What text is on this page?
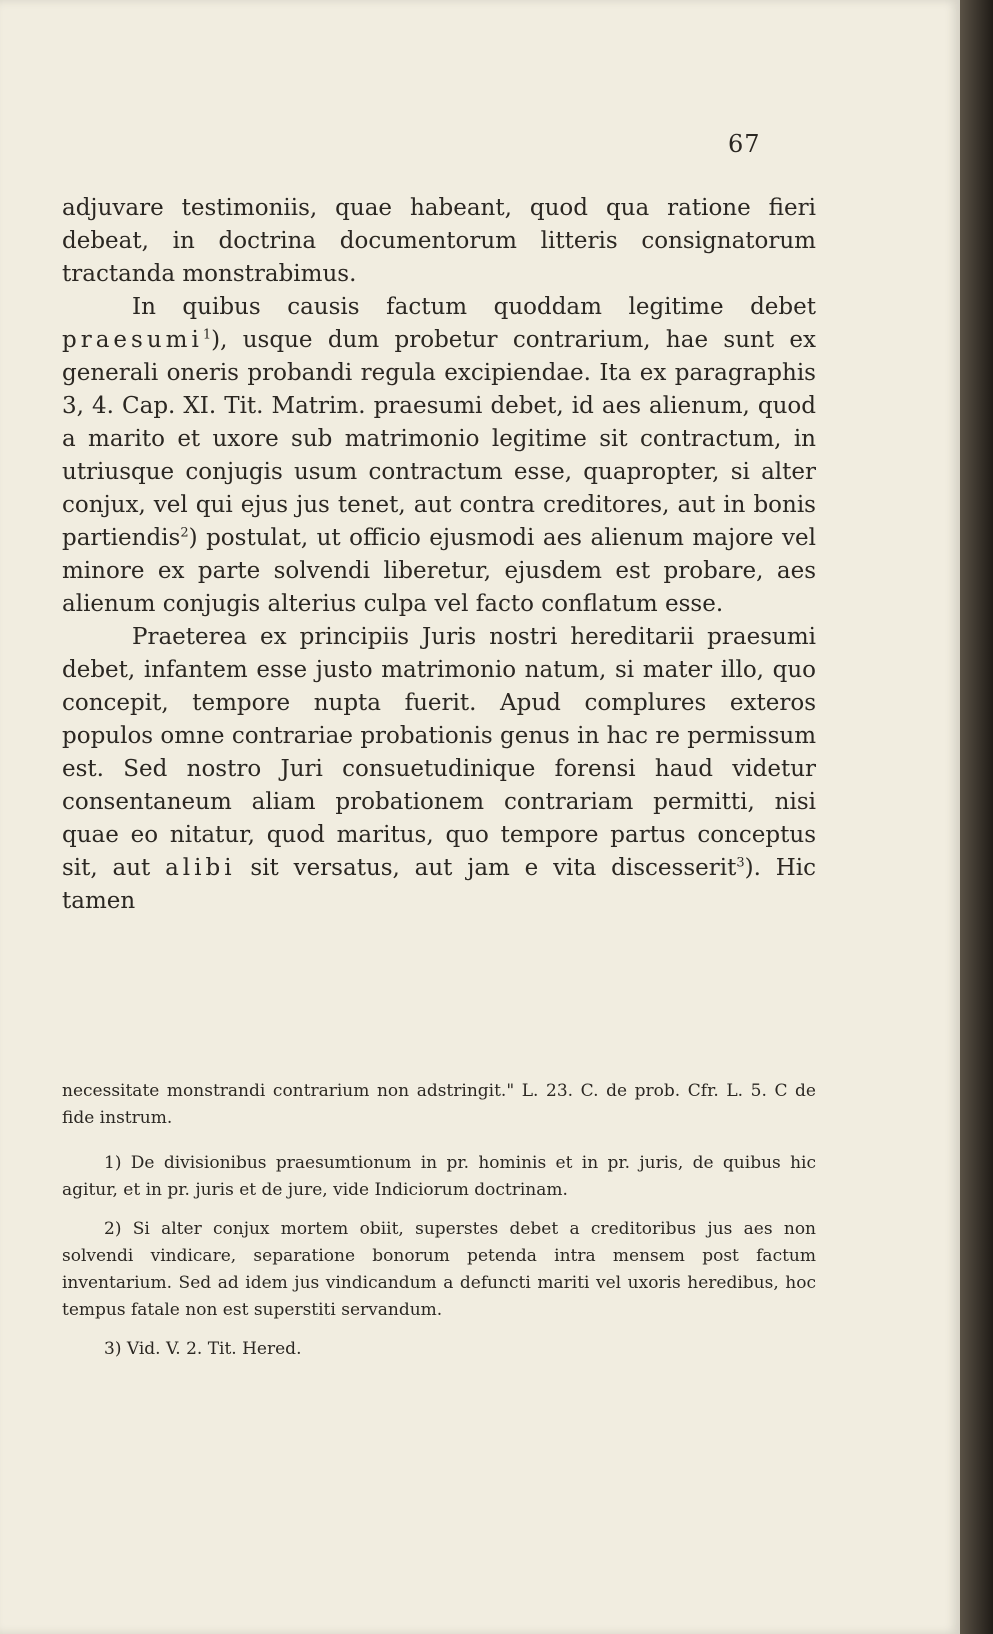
67

adjuvare testimoniis, quae habeant, quod qua ratione fieri debeat, in doctrina documentorum litteris consignatorum tractanda monstrabimus.

In quibus causis factum quoddam legitime debet praesumi$^1$), usque dum probetur contrarium, hae sunt ex generali oneris probandi regula excipiendae. Ita ex paragraphis 3, 4. Cap. XI. Tit. Matrim. praesumi debet, id aes alienum, quod a marito et uxore sub matrimonio legitime sit contractum, in utriusque conjugis usum contractum esse, quapropter, si alter conjux, vel qui ejus jus tenet, aut contra creditores, aut in bonis partiendis$^2$) postulat, ut officio ejusmodi aes alienum majore vel minore ex parte solvendi liberetur, ejusdem est probare, aes alienum conjugis alterius culpa vel facto conflatum esse.

Praeterea ex principiis Juris nostri hereditarii praesumi debet, infantem esse justo matrimonio natum, si mater illo, quo concepit, tempore nupta fuerit. Apud complures exteros populos omne contrariae probationis genus in hac re permissum est. Sed nostro Juri consuetudinique forensi haud videtur consentaneum aliam probationem contrariam permitti, nisi quae eo nitatur, quod maritus, quo tempore partus conceptus sit, aut alibi sit versatus, aut jam e vita discesserit$^3$). Hic tamen

necessitate monstrandi contrarium non adstringit." L. 23. C. de prob. Cfr. L. 5. C de fide instrum.

1) De divisionibus praesumtionum in pr. hominis et in pr. juris, de quibus hic agitur, et in pr. juris et de jure, vide Indiciorum doctrinam.

2) Si alter conjux mortem obiit, superstes debet a creditoribus jus aes non solvendi vindicare, separatione bonorum petenda intra mensem post factum inventarium. Sed ad idem jus vindicandum a defuncti mariti vel uxoris heredibus, hoc tempus fatale non est superstiti servandum.

3) Vid. V. 2. Tit. Hered.
